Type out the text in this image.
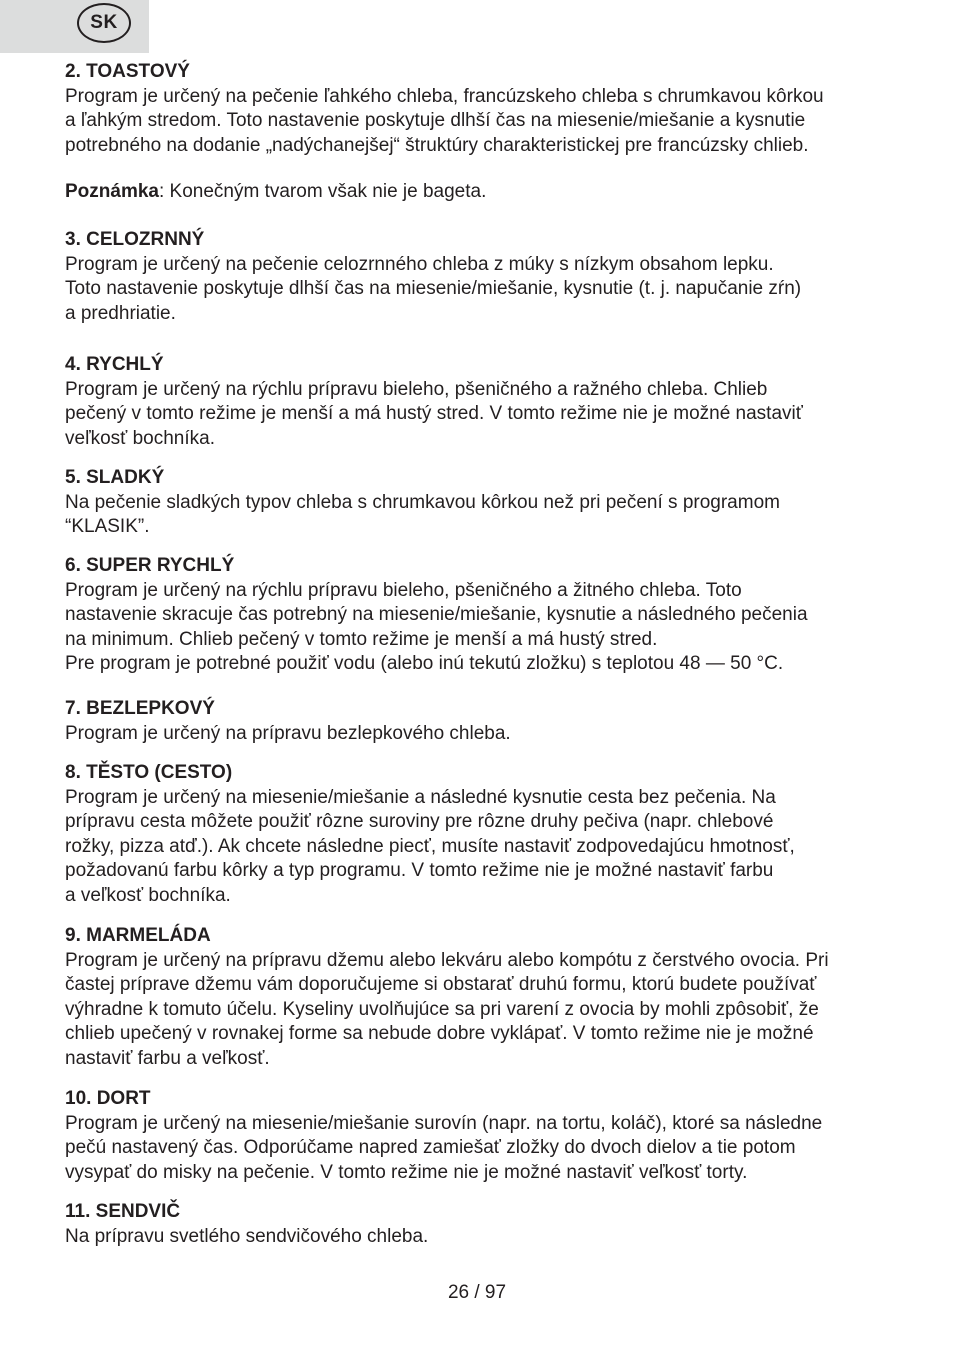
SK

2. TOASTOVÝ

Program je určený na pečenie ľahkého chleba, francúzskeho chleba s chrumkavou kôrkou

a ľahkým stredom. Toto nastavenie poskytuje dlhší čas na miesenie/miešanie a kysnutie

potrebného na dodanie „nadýchanejšej“ štruktúry charakteristickej pre francúzsky chlieb.

Poznámka: Konečným tvarom však nie je bageta.

3. CELOZRNNÝ

Program je určený na pečenie celozrnného chleba z múky s nízkym obsahom lepku.

Toto nastavenie poskytuje dlhší čas na miesenie/miešanie, kysnutie (t. j. napučanie zŕn)

a predhriatie.

4. RYCHLÝ

Program je určený na rýchlu prípravu bieleho, pšeničného a ražného chleba. Chlieb

pečený v tomto režime je menší a má hustý stred. V tomto režime nie je možné nastaviť

veľkosť bochníka.

5. SLADKÝ

Na pečenie sladkých typov chleba s chrumkavou kôrkou než pri pečení s programom

“KLASIK”.

6. SUPER RYCHLÝ

Program je určený na rýchlu prípravu bieleho, pšeničného a žitného chleba. Toto

nastavenie skracuje čas potrebný na miesenie/miešanie, kysnutie a následného pečenia

na minimum. Chlieb pečený v tomto režime je menší a má hustý stred.

Pre program je potrebné použiť vodu (alebo inú tekutú zložku) s teplotou 48 — 50 °C.

7. BEZLEPKOVÝ

Program je určený na prípravu bezlepkového chleba.

8. TĚSTO (CESTO)

Program je určený na miesenie/miešanie a následné kysnutie cesta bez pečenia. Na

prípravu cesta môžete použiť rôzne suroviny pre rôzne druhy pečiva (napr. chlebové

rožky, pizza atď.). Ak chcete následne piecť, musíte nastaviť zodpovedajúcu hmotnosť,

požadovanú farbu kôrky a typ programu. V tomto režime nie je možné nastaviť farbu

a veľkosť bochníka.

9. MARMELÁDA

Program je určený na prípravu džemu alebo lekváru alebo kompótu z čerstvého ovocia. Pri

častej príprave džemu vám doporučujeme si obstarať druhú formu, ktorú budete používať

výhradne k tomuto účelu. Kyseliny uvolňujúce sa pri varení z ovocia by mohli zpôsobiť, že

chlieb upečený v rovnakej forme sa nebude dobre vyklápať. V tomto režime nie je možné

nastaviť farbu a veľkosť.

10. DORT

Program je určený na miesenie/miešanie surovín (napr. na tortu, koláč), ktoré sa následne

pečú nastavený čas. Odporúčame napred zamiešať zložky do dvoch dielov a tie potom

vysypať do misky na pečenie. V tomto režime nie je možné nastaviť veľkosť torty.

11. SENDVIČ

Na prípravu svetlého sendvičového chleba.

26 / 97
